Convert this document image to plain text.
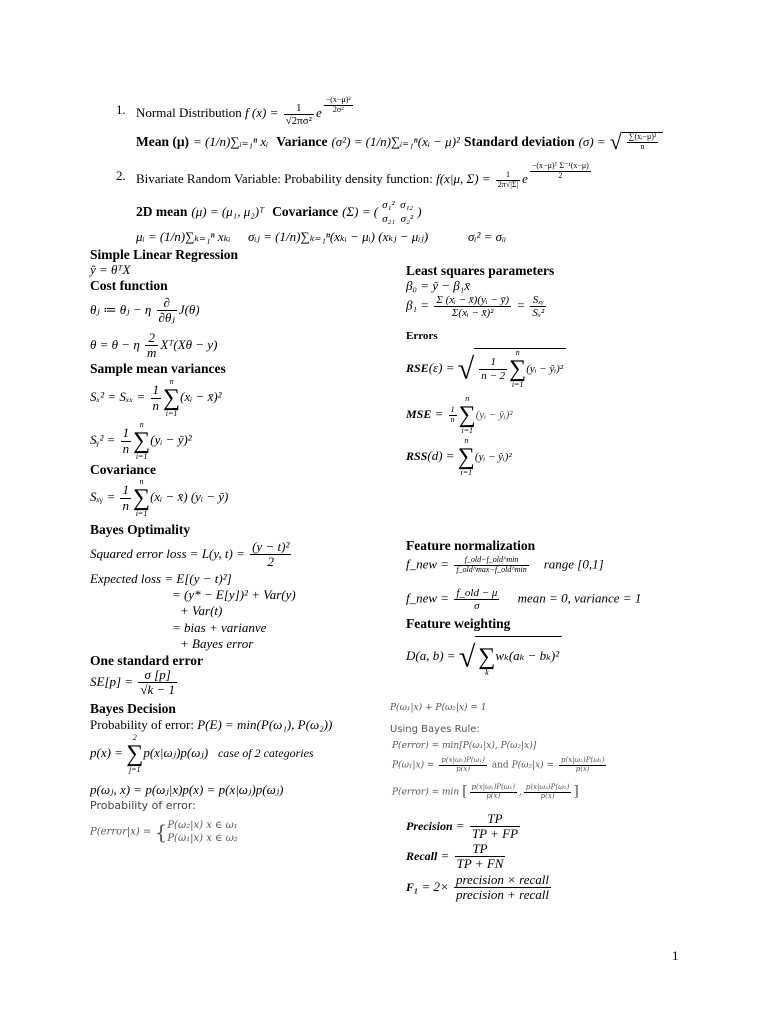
1. Normal Distribution f $(x) = \frac{1}{\text{√2πσ²}}$ e $^{\frac{\text{−(x−μ)²}}{\text{2σ²}}}$
Mean (μ) = (1/n)∑ᵢ₌₁ⁿ xᵢ Variance (σ²) = (1/n)∑ᵢ₌₁ⁿ(xᵢ − μ)² Standard deviation (σ) = √ $\frac{\text{∑(xᵢ−μ)²}}{n}$
2. Bivariate Random Variable: Probability density function: f(x|μ, $\Sigma) = \frac{1}{2\pi√|\Sigma|}$ e $^{\frac{\text{−(x−μ)ᵀ Σ⁻¹(x−μ)}}{2}}$
2D mean (μ) = (μ₁, μ₂)ᵀ Covariance (Σ) = ( σ₁² σ₁₂
σ₂₁ σ₂² )
μᵢ = (1/n)∑ₖ₌₁ⁿ xₖᵢ σᵢⱼ = (1/n)∑ₖ₌₁ⁿ(xₖᵢ − μᵢ) (xₖⱼ − μᵢⱼ)	σᵢ² = σᵢᵢ
Simple Linear Regression
ŷ = θᵀX
Cost function
θⱼ ≔ θⱼ − η $\frac{\partial}{\text{∂θⱼ}} J(\theta)$
θ = θ − η $\frac{2}{m}$ Xᵀ(Xθ − y)
Sample mean variances
$S_x^2 = S_{xx} = \frac{1}{n}$
n
∑
i=1
(xᵢ − x̄)²
Sᵧ² = $\frac{1}{n}$
n
∑
i=1
(yᵢ − ȳ)²
Covariance
Sₓᵧ = $\frac{1}{n}$
n
∑
i=1
(xᵢ − x̄) (yᵢ − ȳ)
Bayes Optimality
Squared error loss = L(y, $t) = \frac{\text{(y − t)²}}{2}$
Expected loss = E[(y − t)²]
= (y* − E[y])² + Var(y)
+ Var(t)
= bias + varianve
+ Bayes error
One standard error
$SE[p] = \frac{\sigma [p]}{√k - 1}$
Bayes Decision
Probability of error: P(E) = min(P(ω₁), P(ω₂))
p(x) =
2
∑
j=1
p(x|ωⱼ)p(ωⱼ) case of 2 categories
p(ωⱼ, x) = p(ωⱼ|x)p(x) = p(x|ωⱼ)p(ωⱼ)
Probability of error:
P(error|x) = {P(ω₂|x) x ∈ ω₁
P(ω₁|x) x ∈ ω₂
Least squares parameters
β₀ = ȳ − β₁x̄
$\beta_1 = \frac{\text{Σ (xᵢ − x̄)(yᵢ − ȳ)}}{\text{Σ(xᵢ − x̄)²}} = \frac{\text{Sₓᵧ}}{\text{Sₓ²}}$
Errors
RSE(ε) = √ $\frac{1}{n - 2}$
n
∑
i=1
(yᵢ − ŷᵢ)²
MSE = $\frac{1}{n}$
n
∑
i=1
(yᵢ − ŷᵢ)²
RSS(d) =
n
∑
i=1
(yᵢ − ŷᵢ)²
Feature normalization
f_new = $\frac{\text{f\_old−f\_old\textasciicircum{}min}}{\text{f\_old\textasciicircum{}max−f\_old\textasciicircum{}min}}$ range [0,1]
f_new = $\frac{\text{f\_old − μ}}{\sigma}$ mean = 0, variance = 1
Feature weighting
D(a, b) = √
∑
k
wₖ(aₖ − bₖ)²
P(ω₁|x) + P(ω₂|x) = 1
Using Bayes Rule:
P(error) = min[P(ω₁|x), P(ω₂|x)]
$P(\omega_1|x) = \frac{\text{p(x|ω₁)P(ω₁)}}{p(x)}$ and $P(\omega_2|x) = \frac{\text{p(x|ω₂)P(ω₂)}}{p(x)}$
P(error) = min [ $\frac{\text{p(x|ω₁)P(ω₁)}}{p(x)}$ , $\frac{\text{p(x|ω₂)P(ω₂)}}{p(x)}$ ]
Precision = $\frac{TP}{TP + FP}$
Recall = $\frac{TP}{TP + FN}$
$F_1 = 2\times \frac{\text{precision × recall}}{\text{precision + recall}}$
1
